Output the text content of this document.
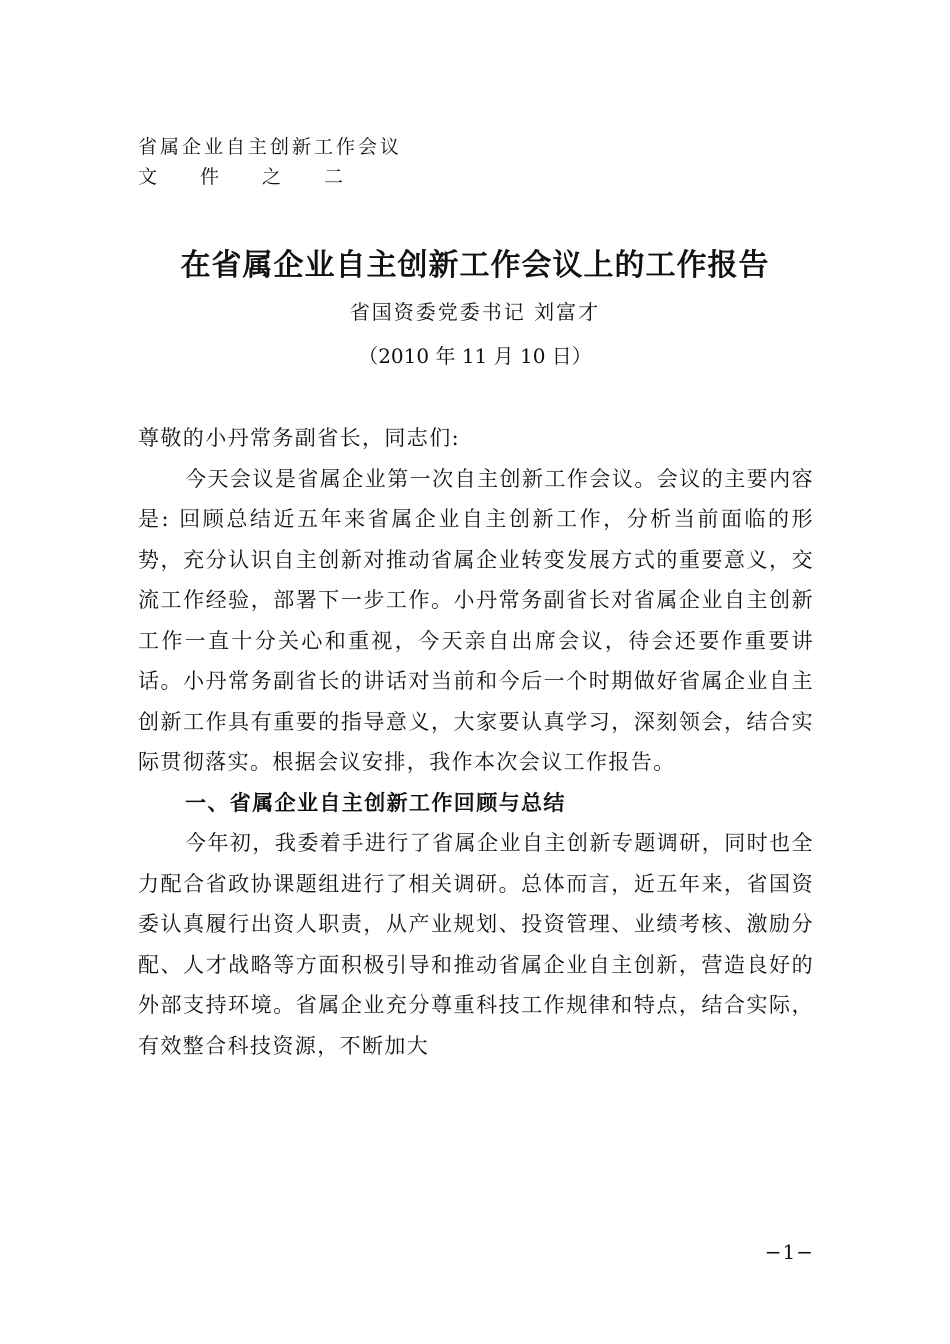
省属企业自主创新工作会议
文 件 之 二
在省属企业自主创新工作会议上的工作报告
省国资委党委书记 刘富才
（2010 年 11 月 10 日）

尊敬的小丹常务副省长，同志们:

今天会议是省属企业第一次自主创新工作会议。会议的主要内容是: 回顾总结近五年来省属企业自主创新工作，分析当前面临的形势，充分认识自主创新对推动省属企业转变发展方式的重要意义，交流工作经验，部署下一步工作。小丹常务副省长对省属企业自主创新工作一直十分关心和重视，今天亲自出席会议，待会还要作重要讲话。小丹常务副省长的讲话对当前和今后一个时期做好省属企业自主创新工作具有重要的指导意义，大家要认真学习，深刻领会，结合实际贯彻落实。根据会议安排，我作本次会议工作报告。

一、省属企业自主创新工作回顾与总结

今年初，我委着手进行了省属企业自主创新专题调研，同时也全力配合省政协课题组进行了相关调研。总体而言，近五年来，省国资委认真履行出资人职责，从产业规划、投资管理、业绩考核、激励分配、人才战略等方面积极引导和推动省属企业自主创新，营造良好的外部支持环境。省属企业充分尊重科技工作规律和特点，结合实际，有效整合科技资源，不断加大

−1−
